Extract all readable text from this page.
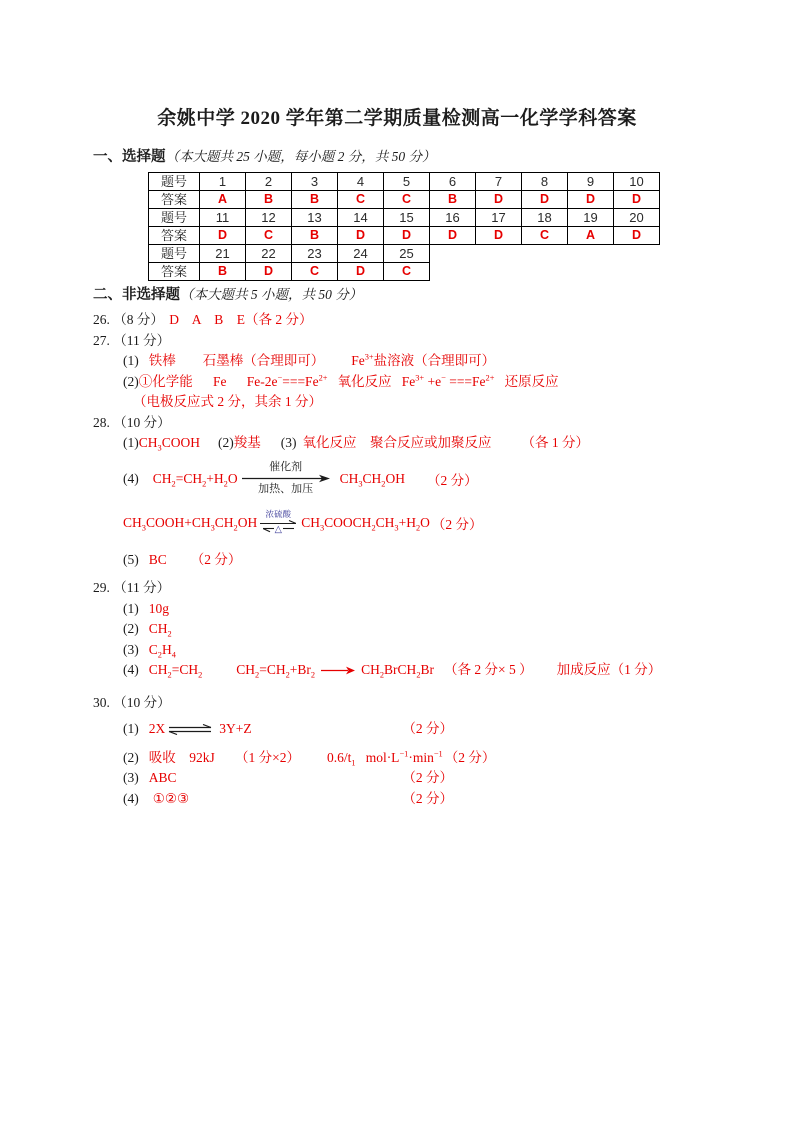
余姚中学 2020 学年第二学期质量检测高一化学学科答案
一、选择题（本大题共 25 小题，每小题 2 分，共 50 分）
题号	1	2	3	4	5	6	7	8	9	10
答案	A	B	B	C	C	B	D	D	D	D
题号	11	12	13	14	15	16	17	18	19	20
答案	D	C	B	D	D	D	D	C	A	D
题号	21	22	23	24	25					
答案	B	D	C	D	C					
二、非选择题（本大题共 5 小题，共 50 分）
26. （8 分） D    A    B    E（各 2 分）
27. （11 分）
(1) 铁棒        石墨棒（合理即可）        $Fe^{3+}$盐溶液（合理即可）
(2)①化学能      Fe      $Fe-2e^-===Fe^{2+}$   氧化反应   $Fe^{3+} +e^- ===Fe^{2+}$   还原反应
（电极反应式 2 分，其余 1 分）
28. （10 分）
$(1)CH_3COOH$ (2)羧基 (3) 氧化反应    聚合反应或加聚反应 （各 1 分）
(4) $CH_2=CH_2+H_2O$
催化剂
加热、加压
$CH_3CH_2OH$ （2 分）
$CH_3COOH+CH_3CH_2OH$
浓硫酸
△ $CH_3COOCH_2CH_3+H_2O$ （2 分）
(5) BC （2 分）
29. （11 分）
(1) 10g
(2) $CH_2$
(3) $C_2H_4$
(4) $CH_2=CH_2$	$CH_2=CH_2+Br_2$	$CH_2BrCH_2Br$ （各 2 分× 5 ） 加成反应（1 分）
30. （10 分）
(1) 2X ⇌ 3Y+Z	（2 分）
(2) 吸收    92kJ      （1 分×2）        $0.6/t_1$   $mol\cdot L^{-1}\cdot\min^{-1}$ （2 分）
(3) ABC	（2 分）
(4) ①②③	（2 分）
